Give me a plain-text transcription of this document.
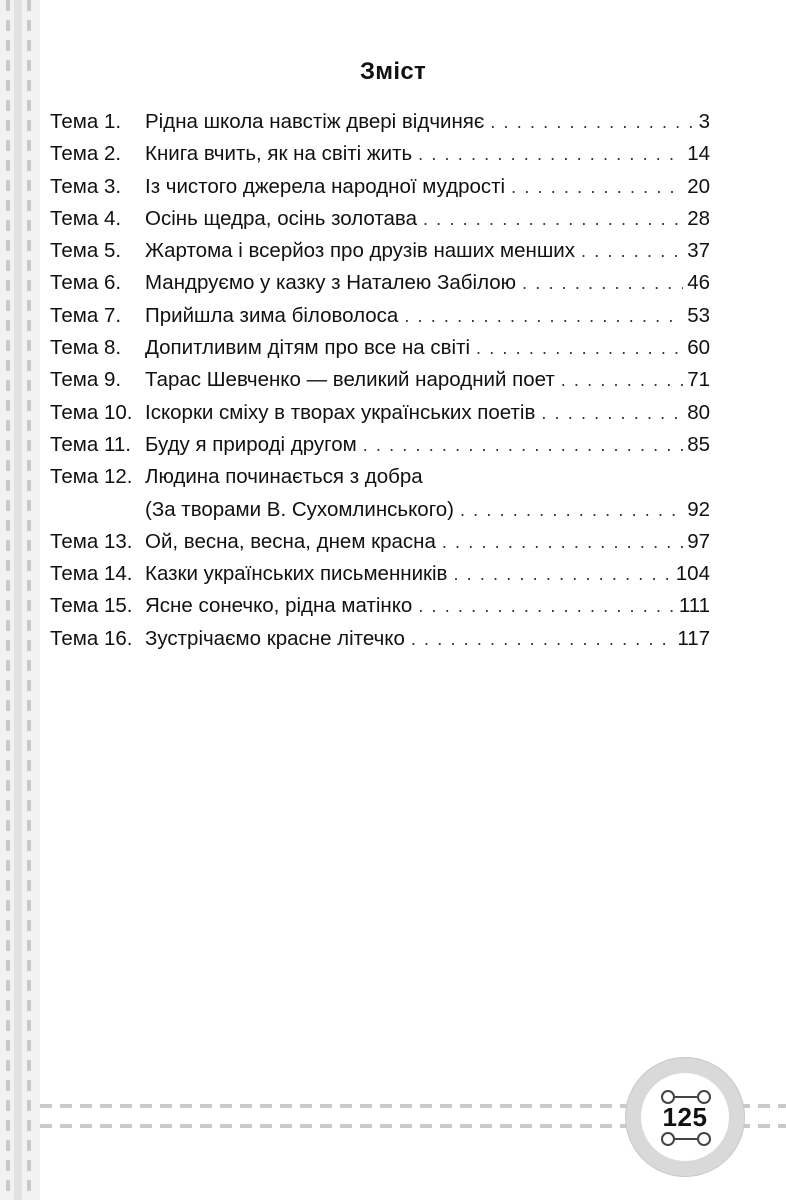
Зміст
Тема 1.	Рідна школа навстіж двері відчиняє . . .	3
Тема 2.	Книга вчить, як на світі жить . . .	14
Тема 3.	Із чистого джерела народної мудрості . . .	20
Тема 4.	Осінь щедра, осінь золотава . . .	28
Тема 5.	Жартома і всерйоз про друзів наших менших . . .	37
Тема 6.	Мандруємо у казку з Наталею Забілою . . .	46
Тема 7.	Прийшла зима біловолоса . . .	53
Тема 8.	Допитливим дітям про все на світі . . .	60
Тема 9.	Тарас Шевченко — великий народний поет . . .	71
Тема 10. Іскорки сміху в творах українських поетів . . .	80
Тема 11. Буду я природі другом . . .	85
Тема 12. Людина починається з добра
(За творами В. Сухомлинського) . . .	92
Тема 13. Ой, весна, весна, днем красна . . .	97
Тема 14. Казки українських письменників . . .	104
Тема 15. Ясне сонечко, рідна матінко . . .	111
Тема 16. Зустрічаємо красне літечко . . .	117
125
